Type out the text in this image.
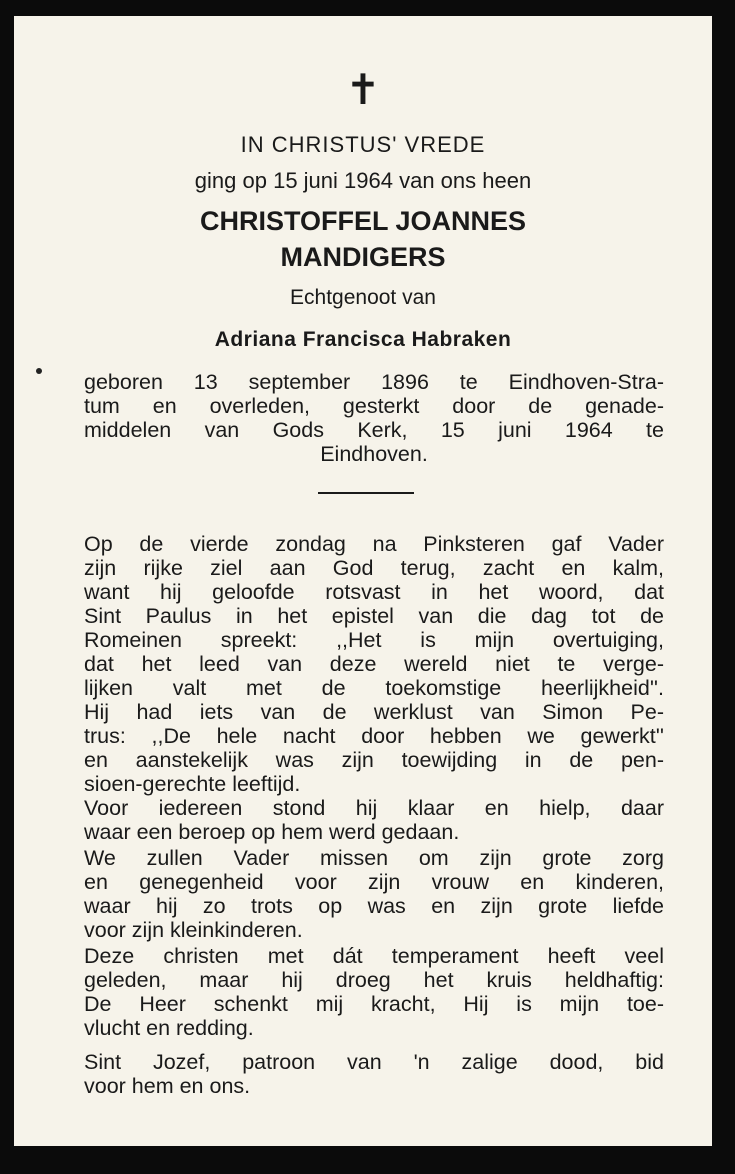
✝
IN CHRISTUS' VREDE
ging op 15 juni 1964 van ons heen
CHRISTOFFEL JOANNES
MANDIGERS
Echtgenoot van
Adriana Francisca Habraken
geboren 13 september 1896 te Eindhoven-Stra-
tum en overleden, gesterkt door de genade-
middelen van Gods Kerk, 15 juni 1964 te
Eindhoven.
Op de vierde zondag na Pinksteren gaf Vader
zijn rijke ziel aan God terug, zacht en kalm,
want hij geloofde rotsvast in het woord, dat
Sint Paulus in het epistel van die dag tot de
Romeinen spreekt: ,,Het is mijn overtuiging,
dat het leed van deze wereld niet te verge-
lijken valt met de toekomstige heerlijkheid''.
Hij had iets van de werklust van Simon Pe-
trus: ,,De hele nacht door hebben we gewerkt''
en aanstekelijk was zijn toewijding in de pen-
sioen-gerechte leeftijd.
Voor iedereen stond hij klaar en hielp, daar
waar een beroep op hem werd gedaan.
We zullen Vader missen om zijn grote zorg
en genegenheid voor zijn vrouw en kinderen,
waar hij zo trots op was en zijn grote liefde
voor zijn kleinkinderen.
Deze christen met dát temperament heeft veel
geleden, maar hij droeg het kruis heldhaftig:
De Heer schenkt mij kracht, Hij is mijn toe-
vlucht en redding.
Sint Jozef, patroon van 'n zalige dood, bid
voor hem en ons.
